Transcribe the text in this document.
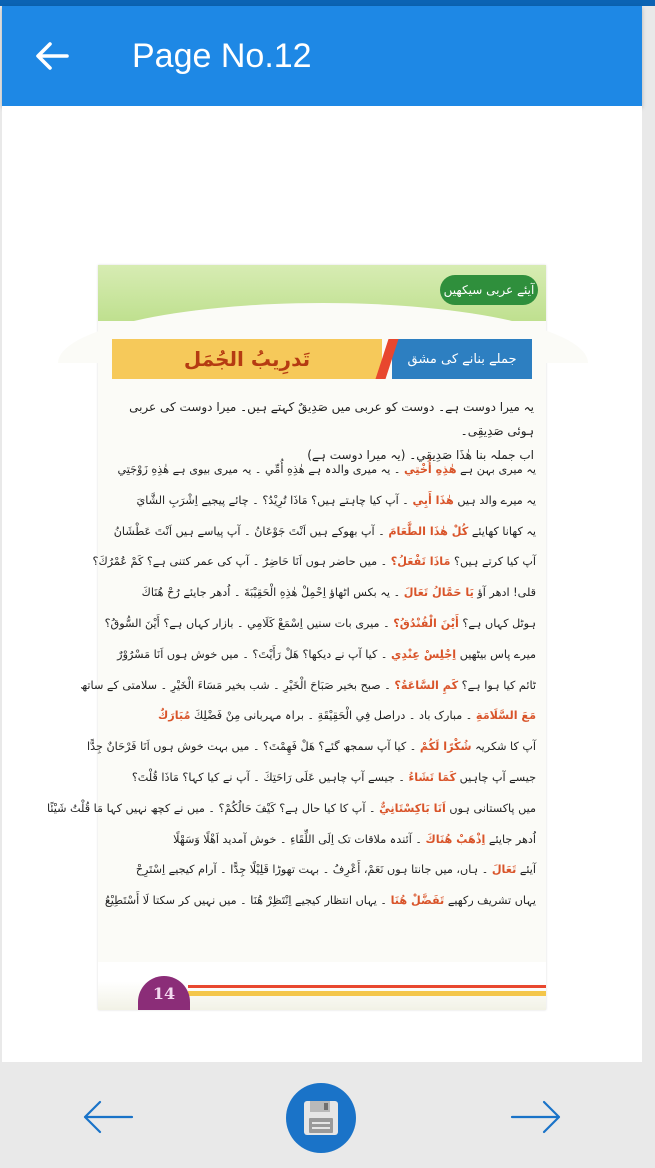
Page No.12
آیئے عربی سیکھیں
جملے بنانے کی مشق
تَدرِیبُ الجُمَل
یہ میرا دوست ہے۔ دوست کو عربی میں صَدِیقٌ کہتے ہیں۔ میرا دوست کی عربی ہوئی صَدِیقِی۔
اب جملہ بنا هٰذَا صَدِیقِي۔ (یہ میرا دوست ہے)
یہ میری بہن ہے هٰذِهِ أُخْتِي ۔ یہ میری والدہ ہے هٰذِهِ أُمِّي ۔ یہ میری بیوی ہے هٰذِهِ زَوْجَتِي
یہ میرے والد ہیں هٰذَا أَبِي ۔ آپ کیا چاہتے ہیں؟ مَاذَا تُرِیْدُ؟ ۔ چائے پیجیے اِشْرَبِ الشَّايَ
یہ کھانا کھایئے کُلْ هٰذَا الطَّعَامَ ۔ آپ بھوکے ہیں اَنْتَ جَوْعَانُ ۔ آپ پیاسے ہیں اَنْتَ عَطْشَانُ
آپ کیا کرتے ہیں؟ مَاذَا تَفْعَلُ؟ ۔ میں حاضر ہوں اَنَا حَاضِرٌ ۔ آپ کی عمر کتنی ہے؟ کَمْ عُمْرُكَ؟
قلی! ادھر آؤ یَا حَمَّالُ تَعَالَ ۔ یہ بکس اٹھاؤ اِحْمِلْ هٰذِهِ الْحَقِیْبَةَ ۔ اُدھر جایئے رُحْ هُنَاكَ
ہوٹل کہاں ہے؟ أَیْنَ الْفُنْدُقُ؟ ۔ میری بات سنیں اِسْمَعْ کَلَامِي ۔ بازار کہاں ہے؟ أَیْنَ السُّوقُ؟
میرے پاس بیٹھیں اِجْلِسْ عِنْدِي ۔ کیا آپ نے دیکھا؟ هَلْ رَأَیْتَ؟ ۔ میں خوش ہوں اَنَا مَسْرُوْرٌ
ٹائم کیا ہوا ہے؟ کَمِ السَّاعَةُ؟ ۔ صبح بخیر صَبَاحَ الْخَیْرِ ۔ شب بخیر مَسَاءَ الْخَیْرِ ۔ سلامتی کے ساتھ
مَعَ السَّلَامَةِ ۔ مبارک باد ۔ دراصل فِي الْحَقِیْقَةِ ۔ براہ مہربانی مِنْ فَضْلِكَ مُبَارَكٌ
آپ کا شکریہ شُکْرًا لَکُمْ ۔ کیا آپ سمجھ گئے؟ هَلْ فَهِمْتَ؟ ۔ میں بہت خوش ہوں اَنَا فَرْحَانٌ جِدًّا
جیسے آپ چاہیں کَمَا تَشَاءُ ۔ جیسے آپ چاہیں عَلَی رَاحَتِكَ ۔ آپ نے کیا کہا؟ مَاذَا قُلْتَ؟
میں پاکستانی ہوں اَنَا بَاکِسْتَانِيٌّ ۔ آپ کا کیا حال ہے؟ کَیْفَ حَالُکُمْ؟ ۔ میں نے کچھ نہیں کہا مَا قُلْتُ شَیْئًا
اُدھر جایئے اِذْهَبْ هُنَاكَ ۔ آئندہ ملاقات تک اِلَی اللِّقَاءِ ۔ خوش آمدید اَهْلًا وَسَهْلًا
آیئے تَعَالَ ۔ ہاں، میں جانتا ہوں نَعَمْ، أَعْرِفُ ۔ بہت تھوڑا قَلِیْلًا جِدًّا ۔ آرام کیجیے اِسْتَرِحْ
یہاں تشریف رکھیے تَفَضَّلْ هُنَا ۔ یہاں انتظار کیجیے اِنْتَظِرْ هُنَا ۔ میں نہیں کر سکتا لَا أَسْتَطِیْعُ
14
